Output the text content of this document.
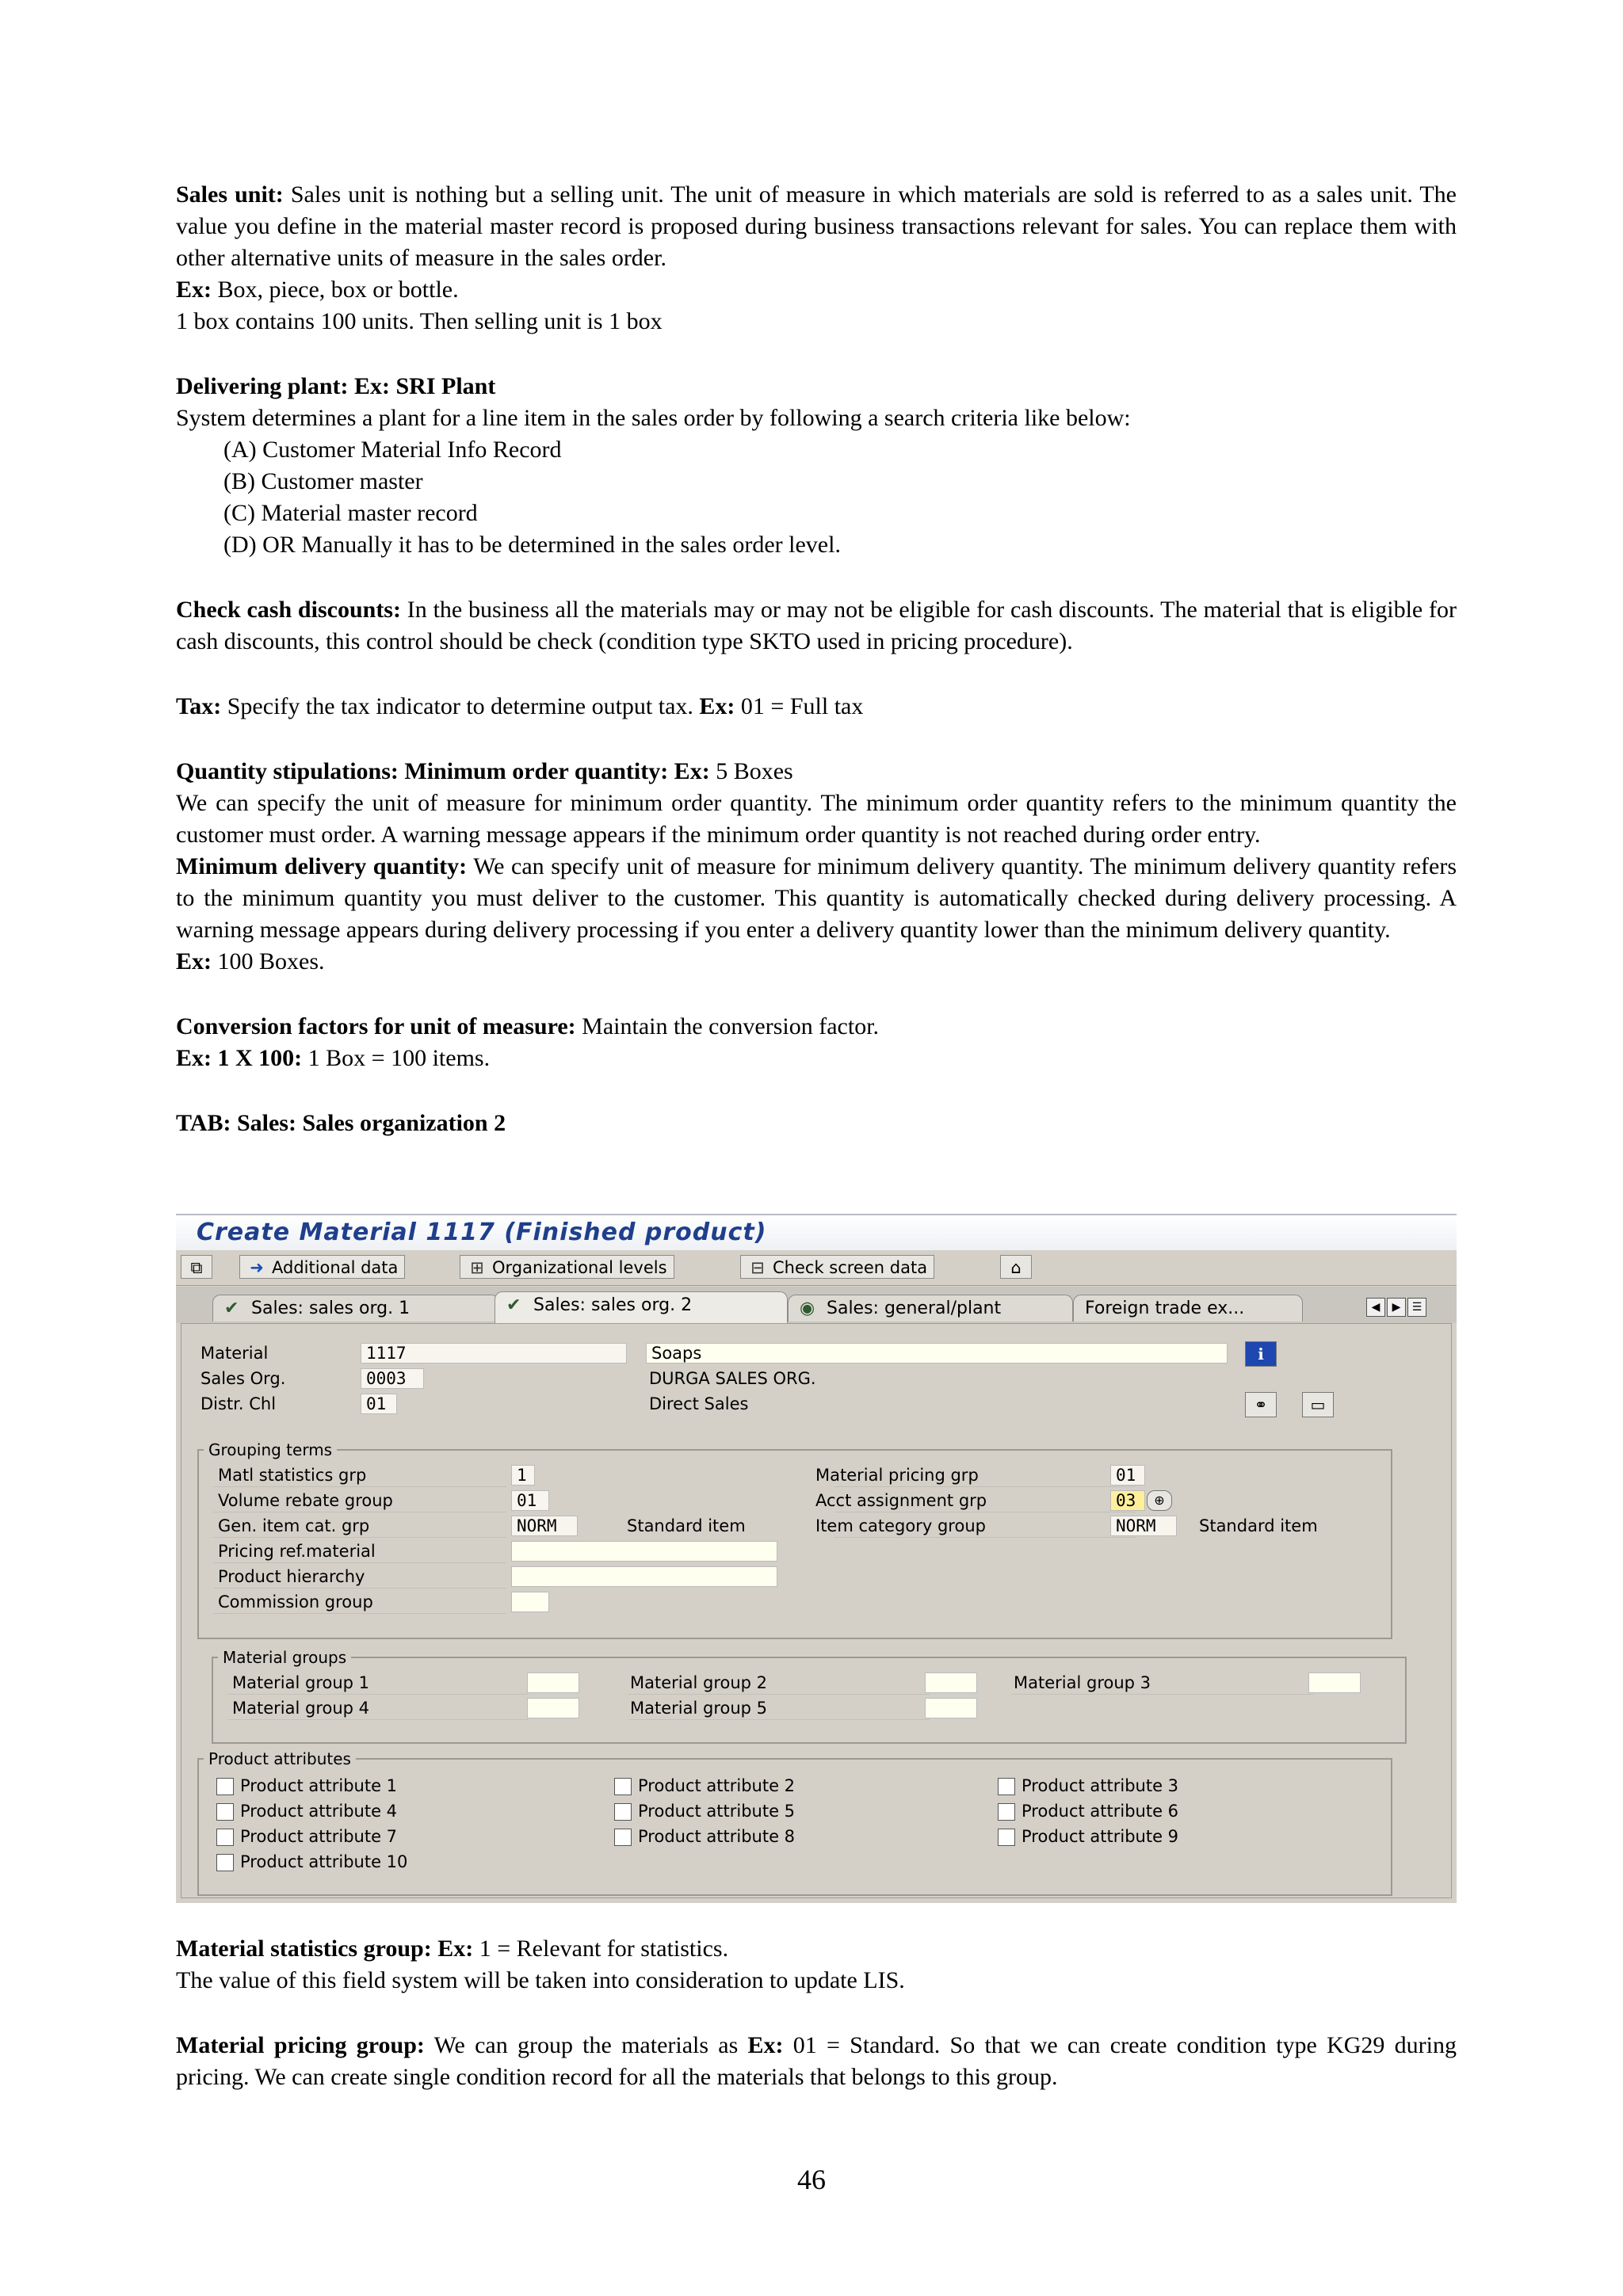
Sales unit: Sales unit is nothing but a selling unit. The unit of measure in which materials are sold is referred to as a sales unit. The value you define in the material master record is proposed during business transactions relevant for sales. You can replace them with other alternative units of measure in the sales order.

Ex: Box, piece, box or bottle.

1 box contains 100 units. Then selling unit is 1 box

Delivering plant: Ex: SRI Plant

System determines a plant for a line item in the sales order by following a search criteria like below:

(A) Customer Material Info Record
(B) Customer master
(C) Material master record
(D) OR Manually it has to be determined in the sales order level.

Check cash discounts: In the business all the materials may or may not be eligible for cash discounts. The material that is eligible for cash discounts, this control should be check (condition type SKTO used in pricing procedure).

Tax: Specify the tax indicator to determine output tax. Ex: 01 = Full tax

Quantity stipulations: Minimum order quantity: Ex: 5 Boxes

We can specify the unit of measure for minimum order quantity. The minimum order quantity refers to the minimum quantity the customer must order. A warning message appears if the minimum order quantity is not reached during order entry.

Minimum delivery quantity: We can specify unit of measure for minimum delivery quantity. The minimum delivery quantity refers to the minimum quantity you must deliver to the customer. This quantity is automatically checked during delivery processing. A warning message appears during delivery processing if you enter a delivery quantity lower than the minimum delivery quantity.

Ex: 100 Boxes.

Conversion factors for unit of measure: Maintain the conversion factor.

Ex: 1 X 100: 1 Box = 100 items.

TAB: Sales: Sales organization 2

Create Material 1117 (Finished product)
⧉	➜ Additional data	⊞ Organizational levels	⊟ Check screen data	⌂
✔ Sales: sales org. 1	✔ Sales: sales org. 2	◉ Sales: general/plant	Foreign trade ex...	◀	▶	☰
Material	1117	Soaps	i
Sales Org.	0003	DURGA SALES ORG.
Distr. Chl	01	Direct Sales	⚭	▭
Grouping terms
Matl statistics grp	1
Volume rebate group	01
Gen. item cat. grp	NORM	Standard item
Pricing ref.material
Product hierarchy
Commission group
Material pricing grp	01
Acct assignment grp	03	⊕
Item category group	NORM	Standard item
Material groups
Material group 1
Material group 4
Material group 2
Material group 5
Material group 3
Product attributes
Product attribute 1
Product attribute 4
Product attribute 7
Product attribute 10
Product attribute 2
Product attribute 5
Product attribute 8
Product attribute 3
Product attribute 6
Product attribute 9

Material statistics group: Ex: 1 = Relevant for statistics.

The value of this field system will be taken into consideration to update LIS.

Material pricing group: We can group the materials as Ex: 01 = Standard. So that we can create condition type KG29 during pricing. We can create single condition record for all the materials that belongs to this group.

46
